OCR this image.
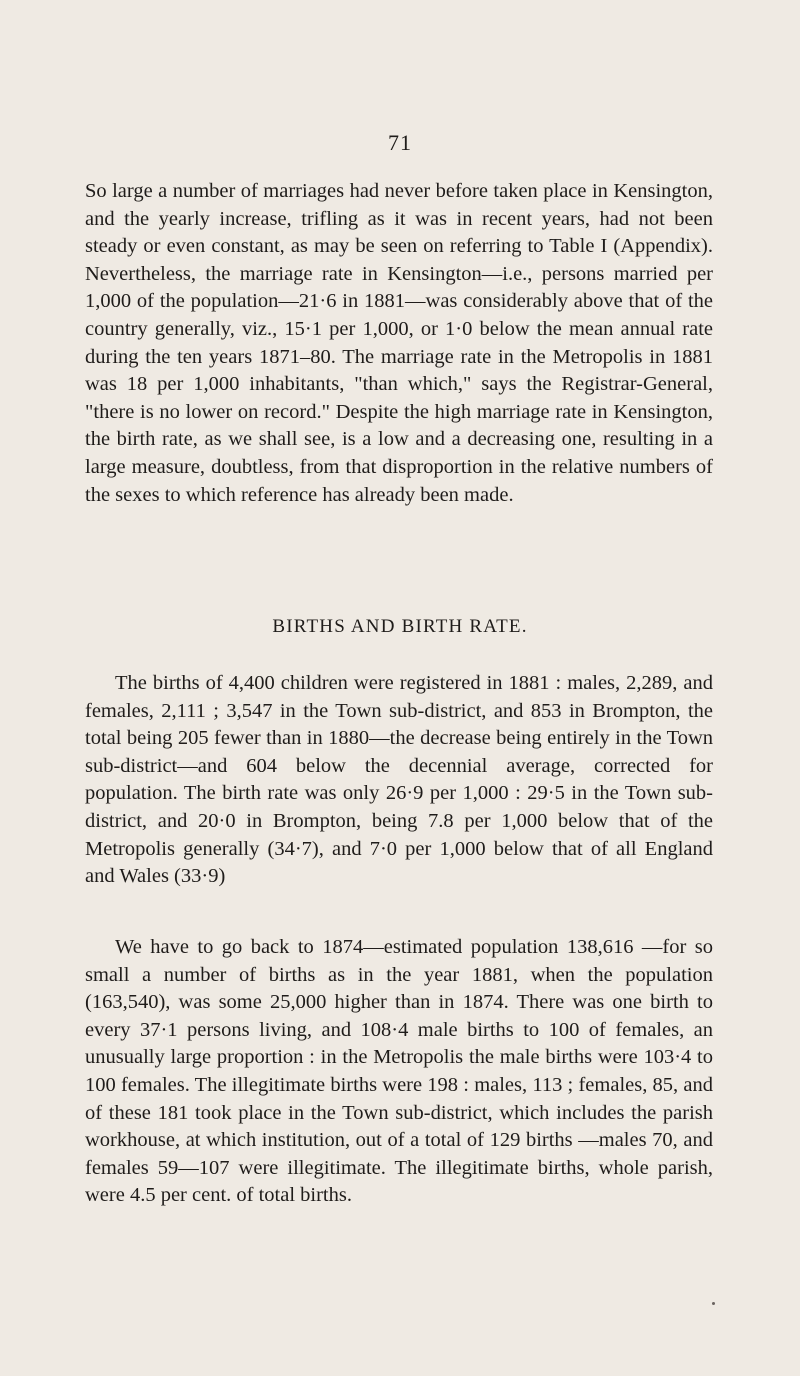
71

So large a number of marriages had never before taken place in Kensington, and the yearly increase, trifling as it was in recent years, had not been steady or even constant, as may be seen on referring to Table I (Appendix). Nevertheless, the marriage rate in Kensington—i.e., persons married per 1,000 of the population—21·6 in 1881—was considerably above that of the country generally, viz., 15·1 per 1,000, or 1·0 below the mean annual rate during the ten years 1871–80. The marriage rate in the Metropolis in 1881 was 18 per 1,000 inhabitants, "than which," says the Registrar-General, "there is no lower on record." Despite the high marriage rate in Kensington, the birth rate, as we shall see, is a low and a decreasing one, resulting in a large measure, doubtless, from that disproportion in the relative numbers of the sexes to which reference has already been made.

BIRTHS AND BIRTH RATE.

The births of 4,400 children were registered in 1881 : males, 2,289, and females, 2,111 ; 3,547 in the Town sub-district, and 853 in Brompton, the total being 205 fewer than in 1880—the decrease being entirely in the Town sub-district—and 604 below the decennial average, corrected for population. The birth rate was only 26·9 per 1,000 : 29·5 in the Town sub-district, and 20·0 in Brompton, being 7.8 per 1,000 below that of the Metropolis generally (34·7), and 7·0 per 1,000 below that of all England and Wales (33·9)

We have to go back to 1874—estimated population 138,616 —for so small a number of births as in the year 1881, when the population (163,540), was some 25,000 higher than in 1874. There was one birth to every 37·1 persons living, and 108·4 male births to 100 of females, an unusually large proportion : in the Metropolis the male births were 103·4 to 100 females. The illegitimate births were 198 : males, 113 ; females, 85, and of these 181 took place in the Town sub-district, which includes the parish workhouse, at which institution, out of a total of 129 births —males 70, and females 59—107 were illegitimate. The illegitimate births, whole parish, were 4.5 per cent. of total births.
